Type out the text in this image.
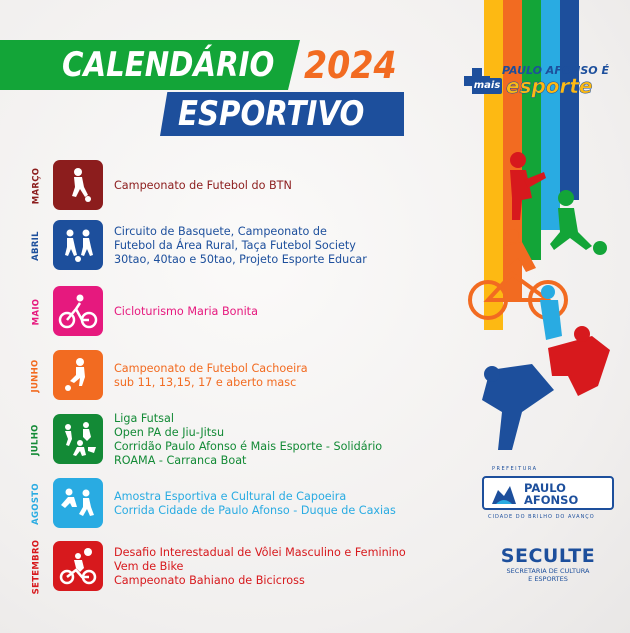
CALENDÁRIO 2024
ESPORTIVO
PAULO AFONSO É
mais esporte
MARÇO	Campeonato de Futebol do BTN
ABRIL	Circuito de Basquete, Campeonato de
Futebol da Área Rural, Taça Futebol Society
30tao, 40tao e 50tao, Projeto Esporte Educar
MAIO	Cicloturismo Maria Bonita
JUNHO	Campeonato de Futebol Cachoeira
sub 11, 13,15, 17 e aberto masc
JULHO
Liga Futsal
Open PA de Jiu-Jitsu
Corridão Paulo Afonso é Mais Esporte - Solidário
ROAMA - Carranca Boat
AGOSTO	Amostra Esportiva e Cultural de Capoeira
Corrida Cidade de Paulo Afonso - Duque de Caxias
SETEMBRO	Desafio Interestadual de Vôlei Masculino e Feminino
Vem de Bike
Campeonato Bahiano de Bicicross
PREFEITURA
PAULO
AFONSO
CIDADE DO BRILHO DO AVANÇO
SECULTE
SECRETARIA DE CULTURA
E ESPORTES
